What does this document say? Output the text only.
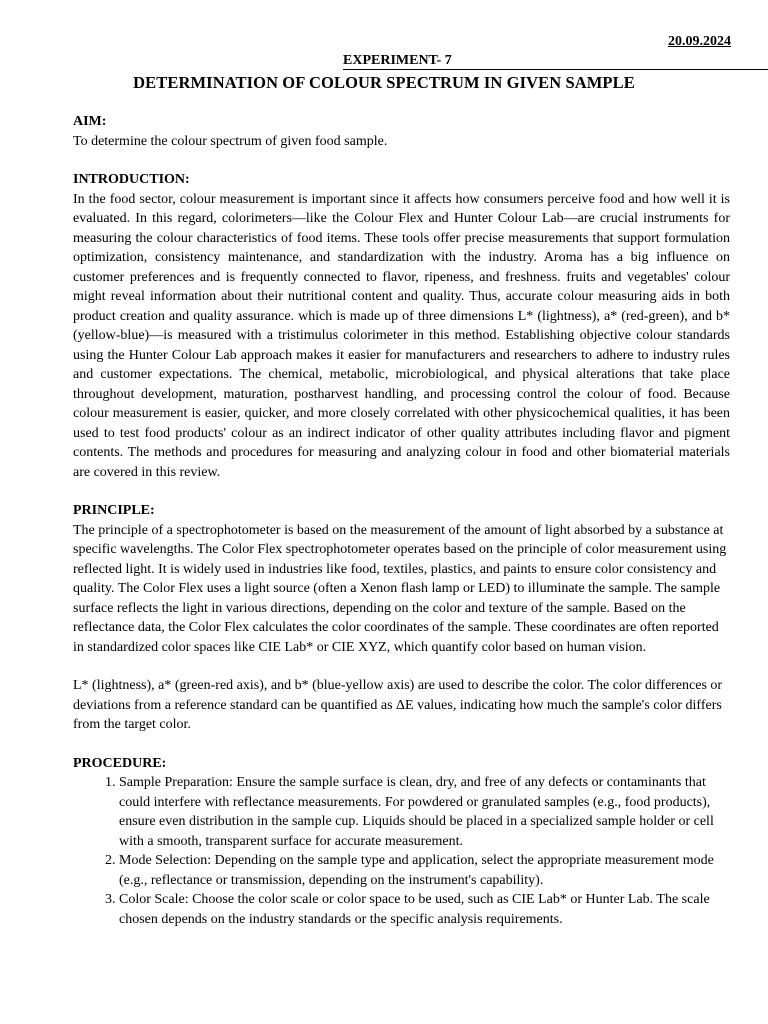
20.09.2024
EXPERIMENT- 7
DETERMINATION OF COLOUR SPECTRUM IN GIVEN SAMPLE
AIM:

To determine the colour spectrum of given food sample.

INTRODUCTION:

In the food sector, colour measurement is important since it affects how consumers perceive food and how well it is evaluated. In this regard, colorimeters—like the Colour Flex and Hunter Colour Lab—are crucial instruments for measuring the colour characteristics of food items. These tools offer precise measurements that support formulation optimization, consistency maintenance, and standardization with the industry. Aroma has a big influence on customer preferences and is frequently connected to flavor, ripeness, and freshness. fruits and vegetables' colour might reveal information about their nutritional content and quality. Thus, accurate colour measuring aids in both product creation and quality assurance. which is made up of three dimensions L* (lightness), a* (red-green), and b* (yellow-blue)—is measured with a tristimulus colorimeter in this method. Establishing objective colour standards using the Hunter Colour Lab approach makes it easier for manufacturers and researchers to adhere to industry rules and customer expectations. The chemical, metabolic, microbiological, and physical alterations that take place throughout development, maturation, postharvest handling, and processing control the colour of food. Because colour measurement is easier, quicker, and more closely correlated with other physicochemical qualities, it has been used to test food products' colour as an indirect indicator of other quality attributes including flavor and pigment contents. The methods and procedures for measuring and analyzing colour in food and other biomaterial materials are covered in this review.

PRINCIPLE:

The principle of a spectrophotometer is based on the measurement of the amount of light absorbed by a substance at specific wavelengths. The Color Flex spectrophotometer operates based on the principle of color measurement using reflected light. It is widely used in industries like food, textiles, plastics, and paints to ensure color consistency and quality. The Color Flex uses a light source (often a Xenon flash lamp or LED) to illuminate the sample. The sample surface reflects the light in various directions, depending on the color and texture of the sample. Based on the reflectance data, the Color Flex calculates the color coordinates of the sample. These coordinates are often reported in standardized color spaces like CIE Lab* or CIE XYZ, which quantify color based on human vision.

L* (lightness), a* (green-red axis), and b* (blue-yellow axis) are used to describe the color. The color differences or deviations from a reference standard can be quantified as ΔE values, indicating how much the sample's color differs from the target color.

PROCEDURE:
1. Sample Preparation: Ensure the sample surface is clean, dry, and free of any defects or contaminants that could interfere with reflectance measurements. For powdered or granulated samples (e.g., food products), ensure even distribution in the sample cup. Liquids should be placed in a specialized sample holder or cell with a smooth, transparent surface for accurate measurement.
2. Mode Selection: Depending on the sample type and application, select the appropriate measurement mode (e.g., reflectance or transmission, depending on the instrument's capability).
3. Color Scale: Choose the color scale or color space to be used, such as CIE Lab* or Hunter Lab. The scale chosen depends on the industry standards or the specific analysis requirements.
